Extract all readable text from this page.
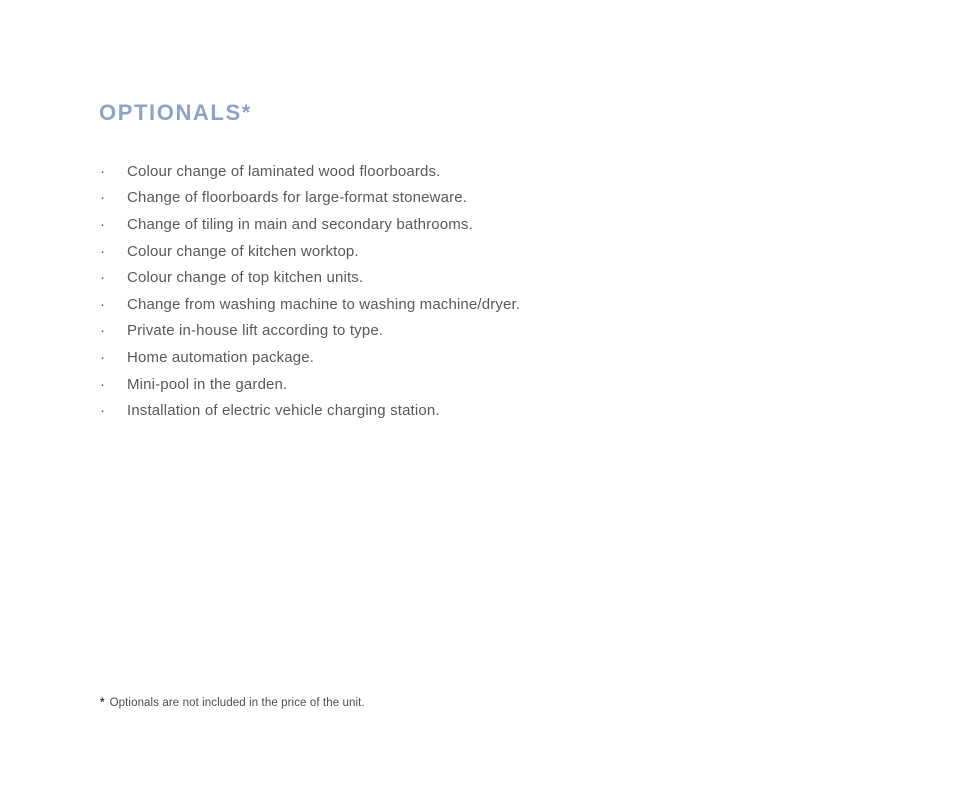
OPTIONALS*
·	Colour change of laminated wood floorboards.
·	Change of floorboards for large-format stoneware.
·	Change of tiling in main and secondary bathrooms.
·	Colour change of kitchen worktop.
·	Colour change of top kitchen units.
·	Change from washing machine to washing machine/dryer.
·	Private in-house lift according to type.
·	Home automation package.
·	Mini-pool in the garden.
·	Installation of electric vehicle charging station.
* Optionals are not included in the price of the unit.
